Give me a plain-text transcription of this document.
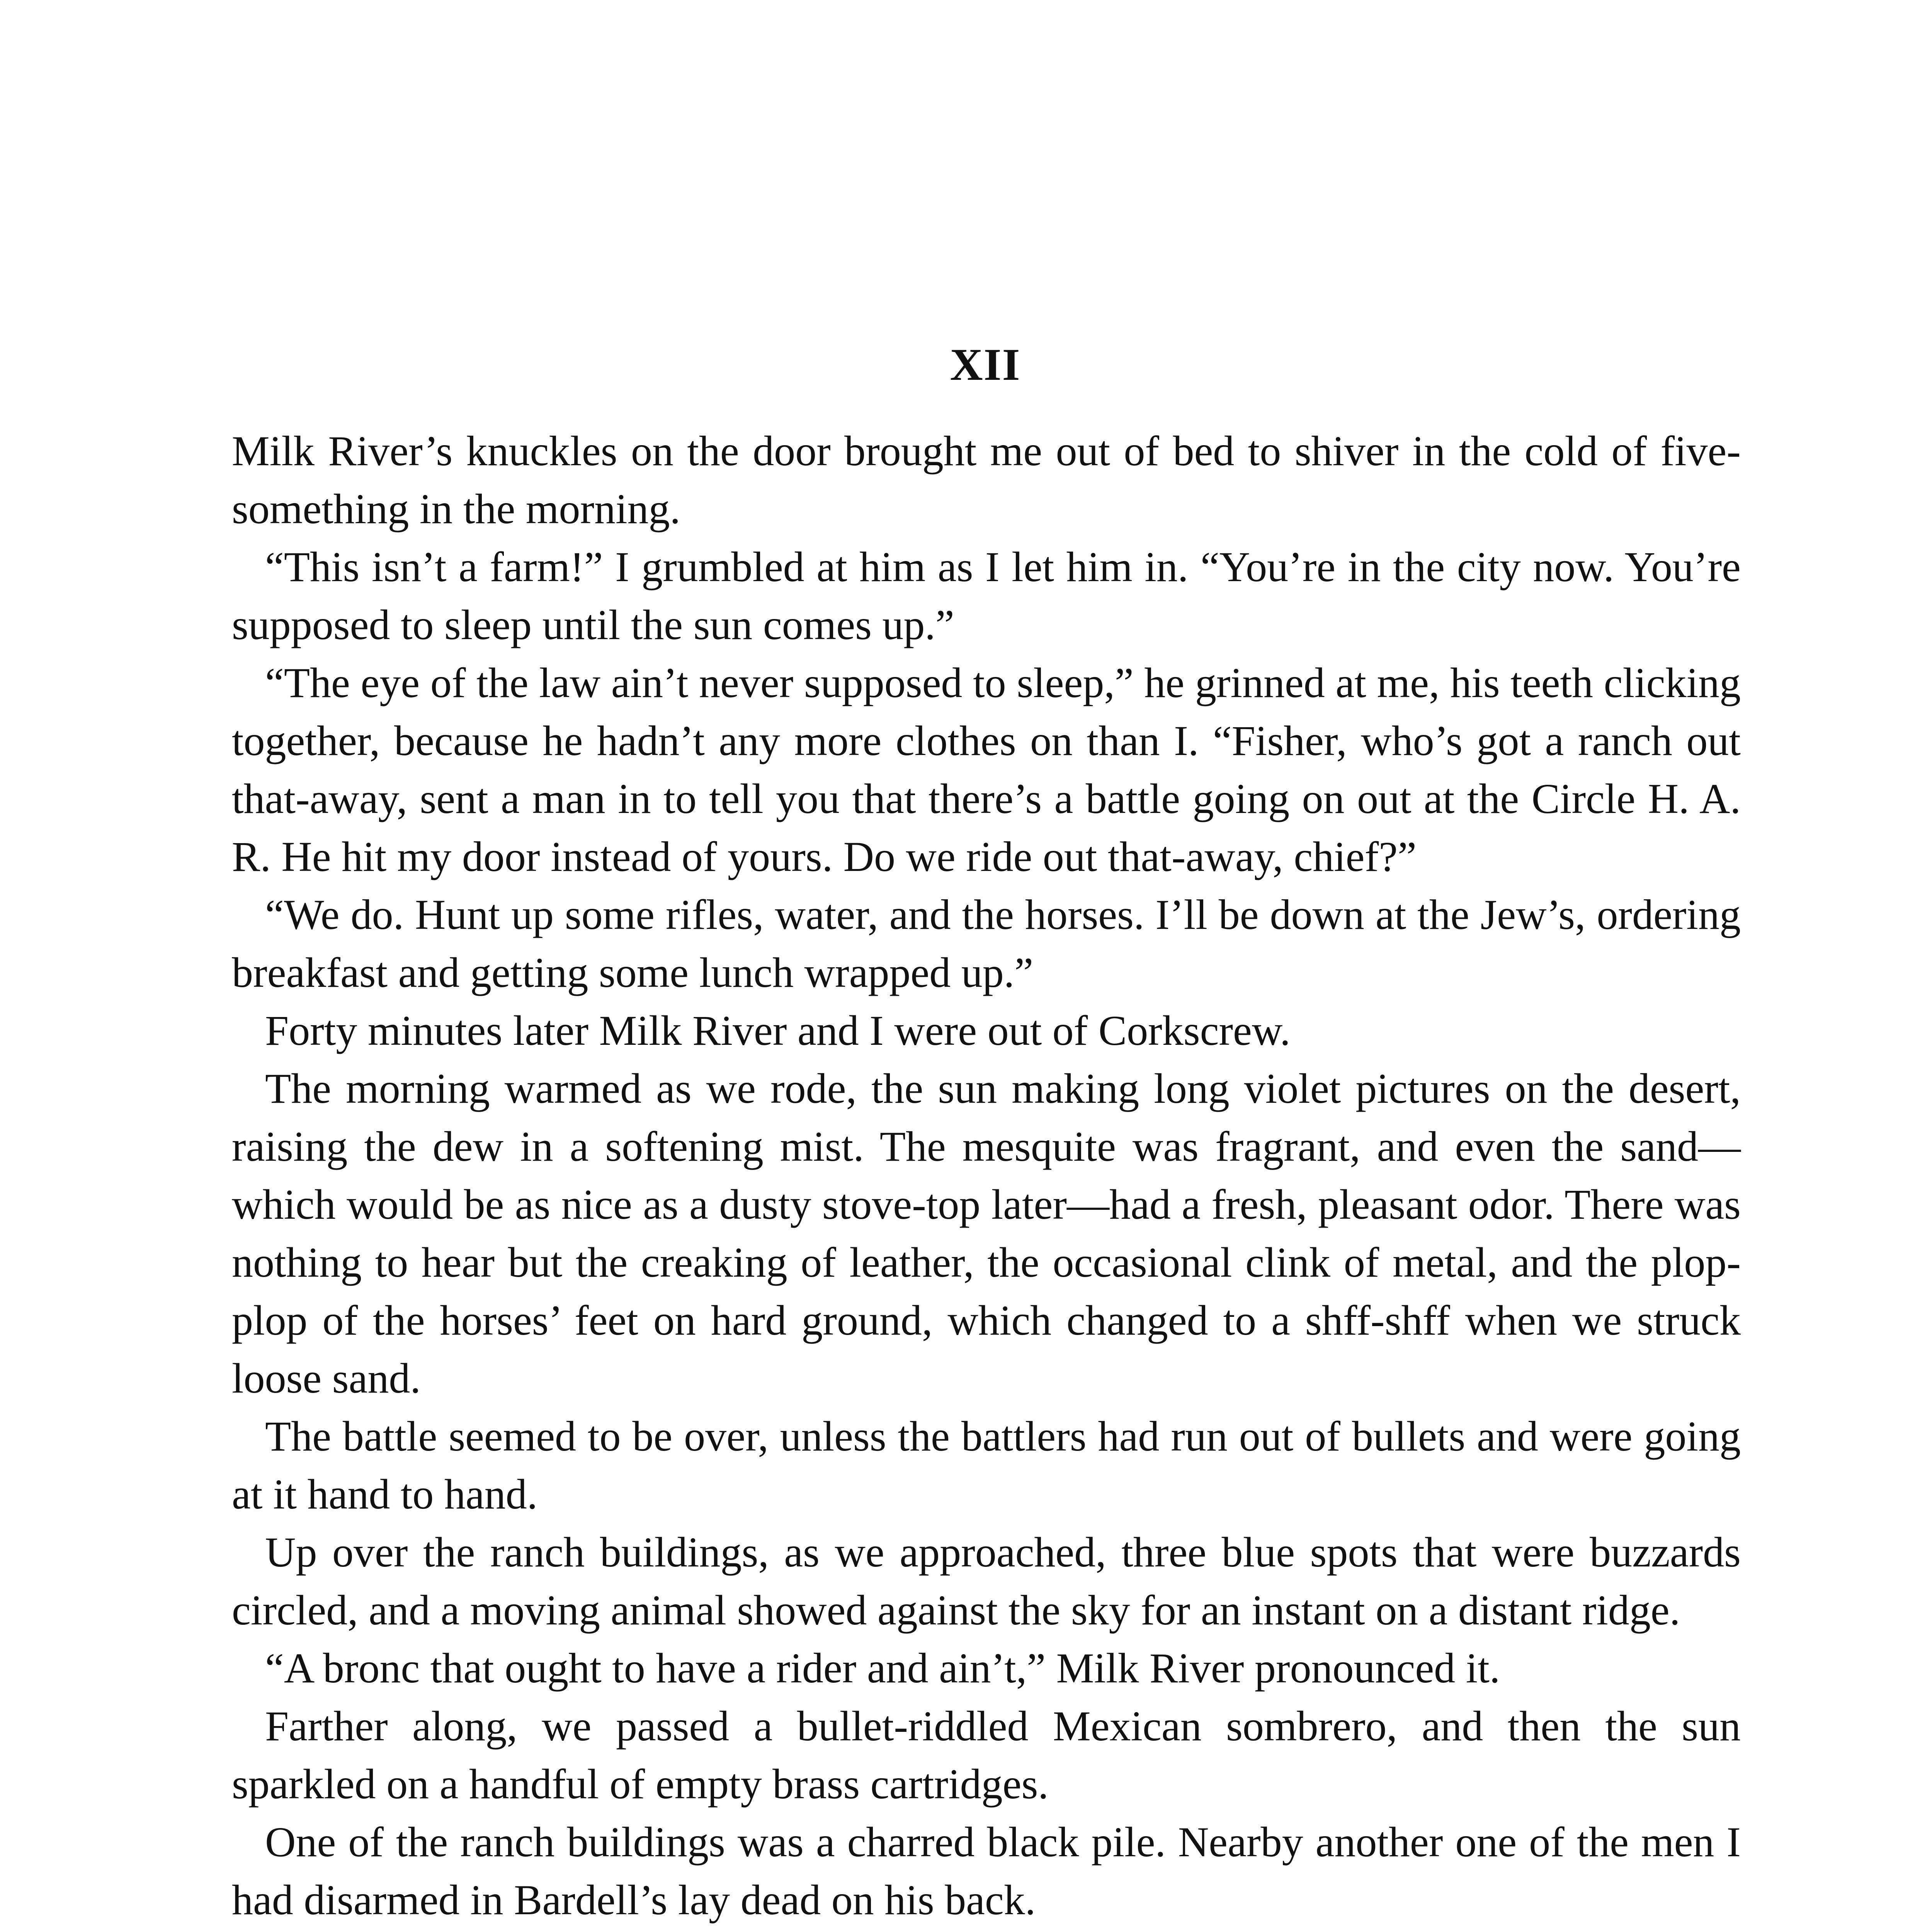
XII

Milk River’s knuckles on the door brought me out of bed to shiver in the cold of five-something in the morning.

“This isn’t a farm!” I grumbled at him as I let him in. “You’re in the city now. You’re supposed to sleep until the sun comes up.”

“The eye of the law ain’t never supposed to sleep,” he grinned at me, his teeth clicking together, because he hadn’t any more clothes on than I. “Fisher, who’s got a ranch out that-away, sent a man in to tell you that there’s a battle going on out at the Circle H. A. R. He hit my door instead of yours. Do we ride out that-away, chief?”

“We do. Hunt up some rifles, water, and the horses. I’ll be down at the Jew’s, ordering breakfast and getting some lunch wrapped up.”

Forty minutes later Milk River and I were out of Corkscrew.

The morning warmed as we rode, the sun making long violet pictures on the desert, raising the dew in a softening mist. The mesquite was fragrant, and even the sand—which would be as nice as a dusty stove-top later—had a fresh, pleasant odor. There was nothing to hear but the creaking of leather, the occasional clink of metal, and the plop-plop of the horses’ feet on hard ground, which changed to a shff-shff when we struck loose sand.

The battle seemed to be over, unless the battlers had run out of bullets and were going at it hand to hand.

Up over the ranch buildings, as we approached, three blue spots that were buzzards circled, and a moving animal showed against the sky for an instant on a distant ridge.

“A bronc that ought to have a rider and ain’t,” Milk River pronounced it.

Farther along, we passed a bullet-riddled Mexican sombrero, and then the sun sparkled on a handful of empty brass cartridges.

One of the ranch buildings was a charred black pile. Nearby another one of the men I had disarmed in Bardell’s lay dead on his back.
